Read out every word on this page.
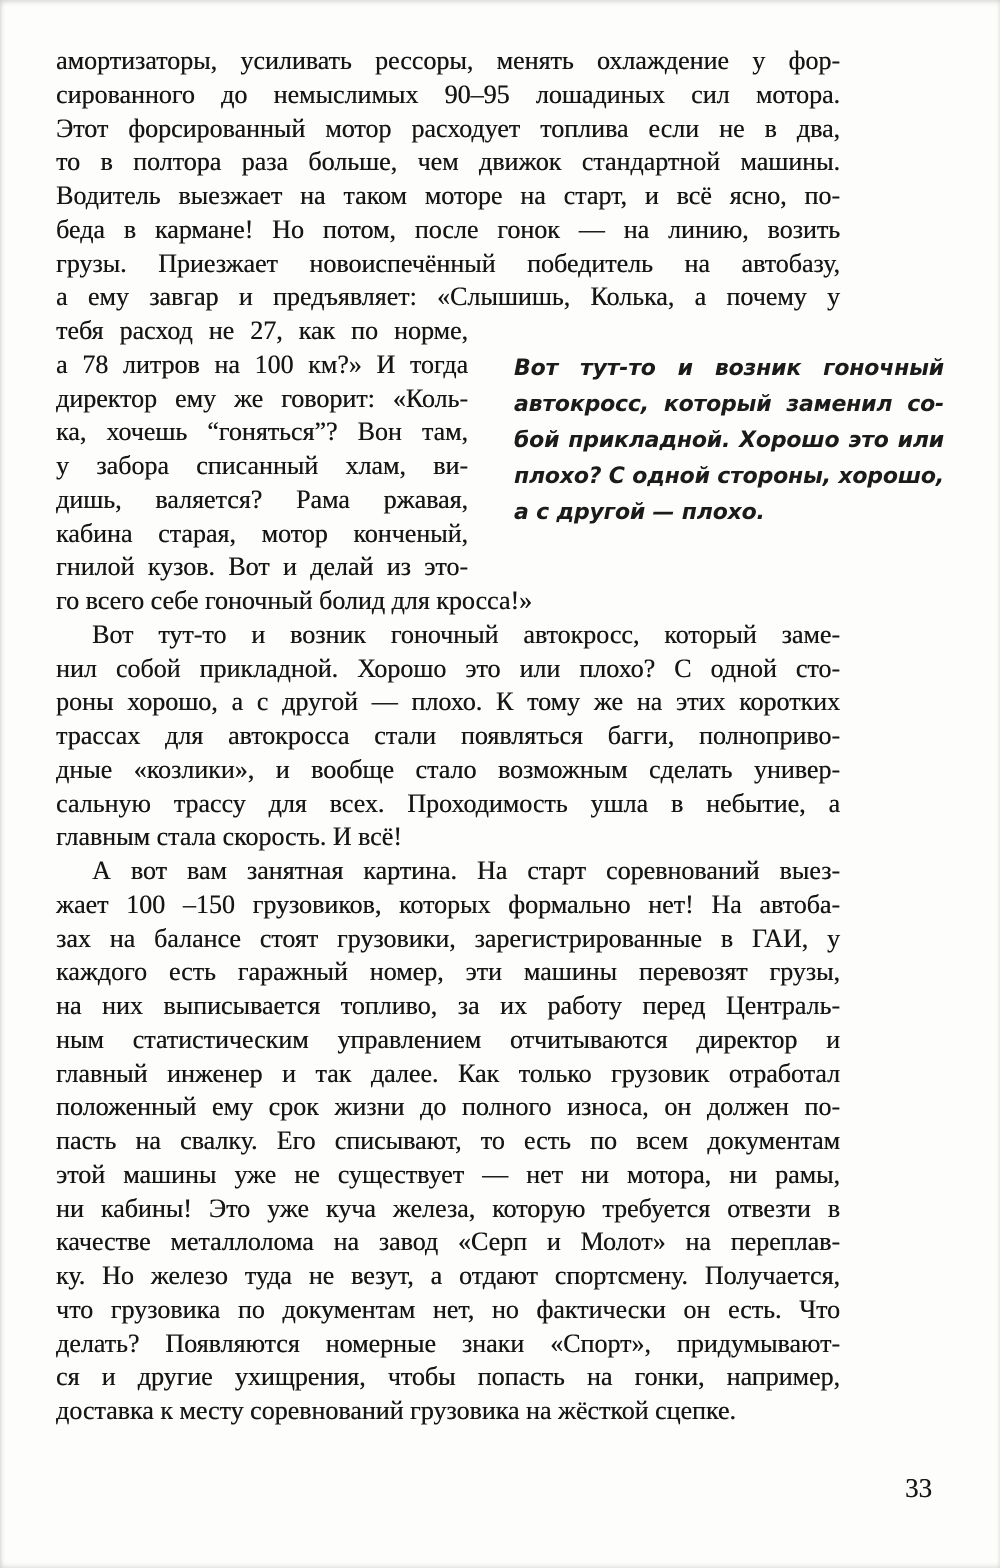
амортизаторы, усиливать рессоры, менять охлаждение у фор-
сированного до немыслимых 90–95 лошадиных сил мотора.
Этот форсированный мотор расходует топлива если не в два,
то в полтора раза больше, чем движок стандартной машины.
Водитель выезжает на таком моторе на старт, и всё ясно, по-
беда в кармане! Но потом, после гонок — на линию, возить
грузы. Приезжает новоиспечённый победитель на автобазу,
а ему завгар и предъявляет: «Слышишь, Колька, а почему у
тебя расход не 27, как по норме,
а 78 литров на 100 км?» И тогда
директор ему же говорит: «Коль-
ка, хочешь “гоняться”? Вон там,
у забора списанный хлам, ви-
дишь, валяется? Рама ржавая,
кабина старая, мотор конченый,
гнилой кузов. Вот и делай из это-
го всего себе гоночный болид для кросса!»
Вот тут-то и возник гоночный автокросс, который заме-
нил собой прикладной. Хорошо это или плохо? С одной сто-
роны хорошо, а с другой — плохо. К тому же на этих коротких
трассах для автокросса стали появляться багги, полноприво-
дные «козлики», и вообще стало возможным сделать универ-
сальную трассу для всех. Проходимость ушла в небытие, а
главным стала скорость. И всё!
А вот вам занятная картина. На старт соревнований выез-
жает 100 –150 грузовиков, которых формально нет! На автоба-
зах на балансе стоят грузовики, зарегистрированные в ГАИ, у
каждого есть гаражный номер, эти машины перевозят грузы,
на них выписывается топливо, за их работу перед Централь-
ным статистическим управлением отчитываются директор и
главный инженер и так далее. Как только грузовик отработал
положенный ему срок жизни до полного износа, он должен по-
пасть на свалку. Его списывают, то есть по всем документам
этой машины уже не существует — нет ни мотора, ни рамы,
ни кабины! Это уже куча железа, которую требуется отвезти в
качестве металлолома на завод «Серп и Молот» на переплав-
ку. Но железо туда не везут, а отдают спортсмену. Получается,
что грузовика по документам нет, но фактически он есть. Что
делать? Появляются номерные знаки «Спорт», придумывают-
ся и другие ухищрения, чтобы попасть на гонки, например,
доставка к месту соревнований грузовика на жёсткой сцепке.
Вот тут-то и возник гоночный
автокросс, который заменил со-
бой прикладной. Хорошо это или
плохо? С одной стороны, хорошо,
а с другой — плохо.
33
